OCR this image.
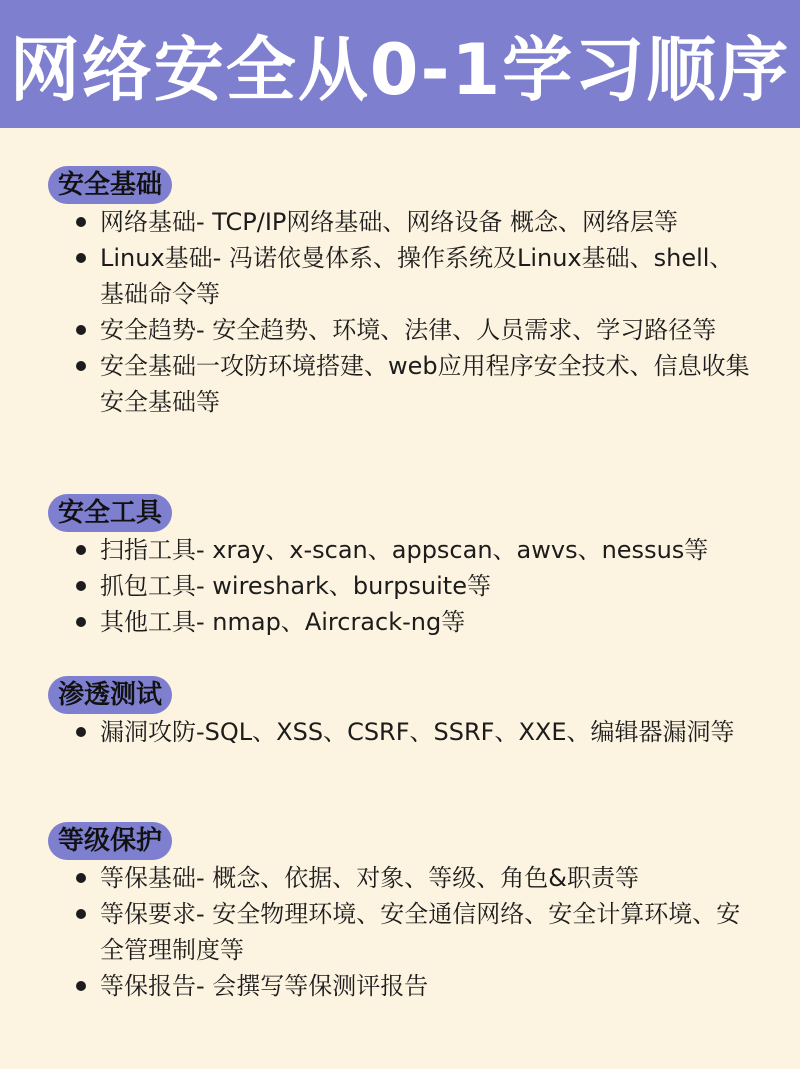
网络安全从0-1学习顺序
安全基础
网络基础- TCP/IP网络基础、网络设备 概念、网络层等
Linux基础- 冯诺依曼体系、操作系统及Linux基础、shell、基础命令等
安全趋势- 安全趋势、环境、法律、人员需求、学习路径等
安全基础一攻防环境搭建、web应用程序安全技术、信息收集安全基础等
安全工具
扫指工具- xray、x-scan、appscan、awvs、nessus等
抓包工具- wireshark、burpsuite等
其他工具- nmap、Aircrack-ng等
渗透测试
漏洞攻防-SQL、XSS、CSRF、SSRF、XXE、编辑器漏洞等
等级保护
等保基础- 概念、依据、对象、等级、角色&职责等
等保要求- 安全物理环境、安全通信网络、安全计算环境、安全管理制度等
等保报告- 会撰写等保测评报告
